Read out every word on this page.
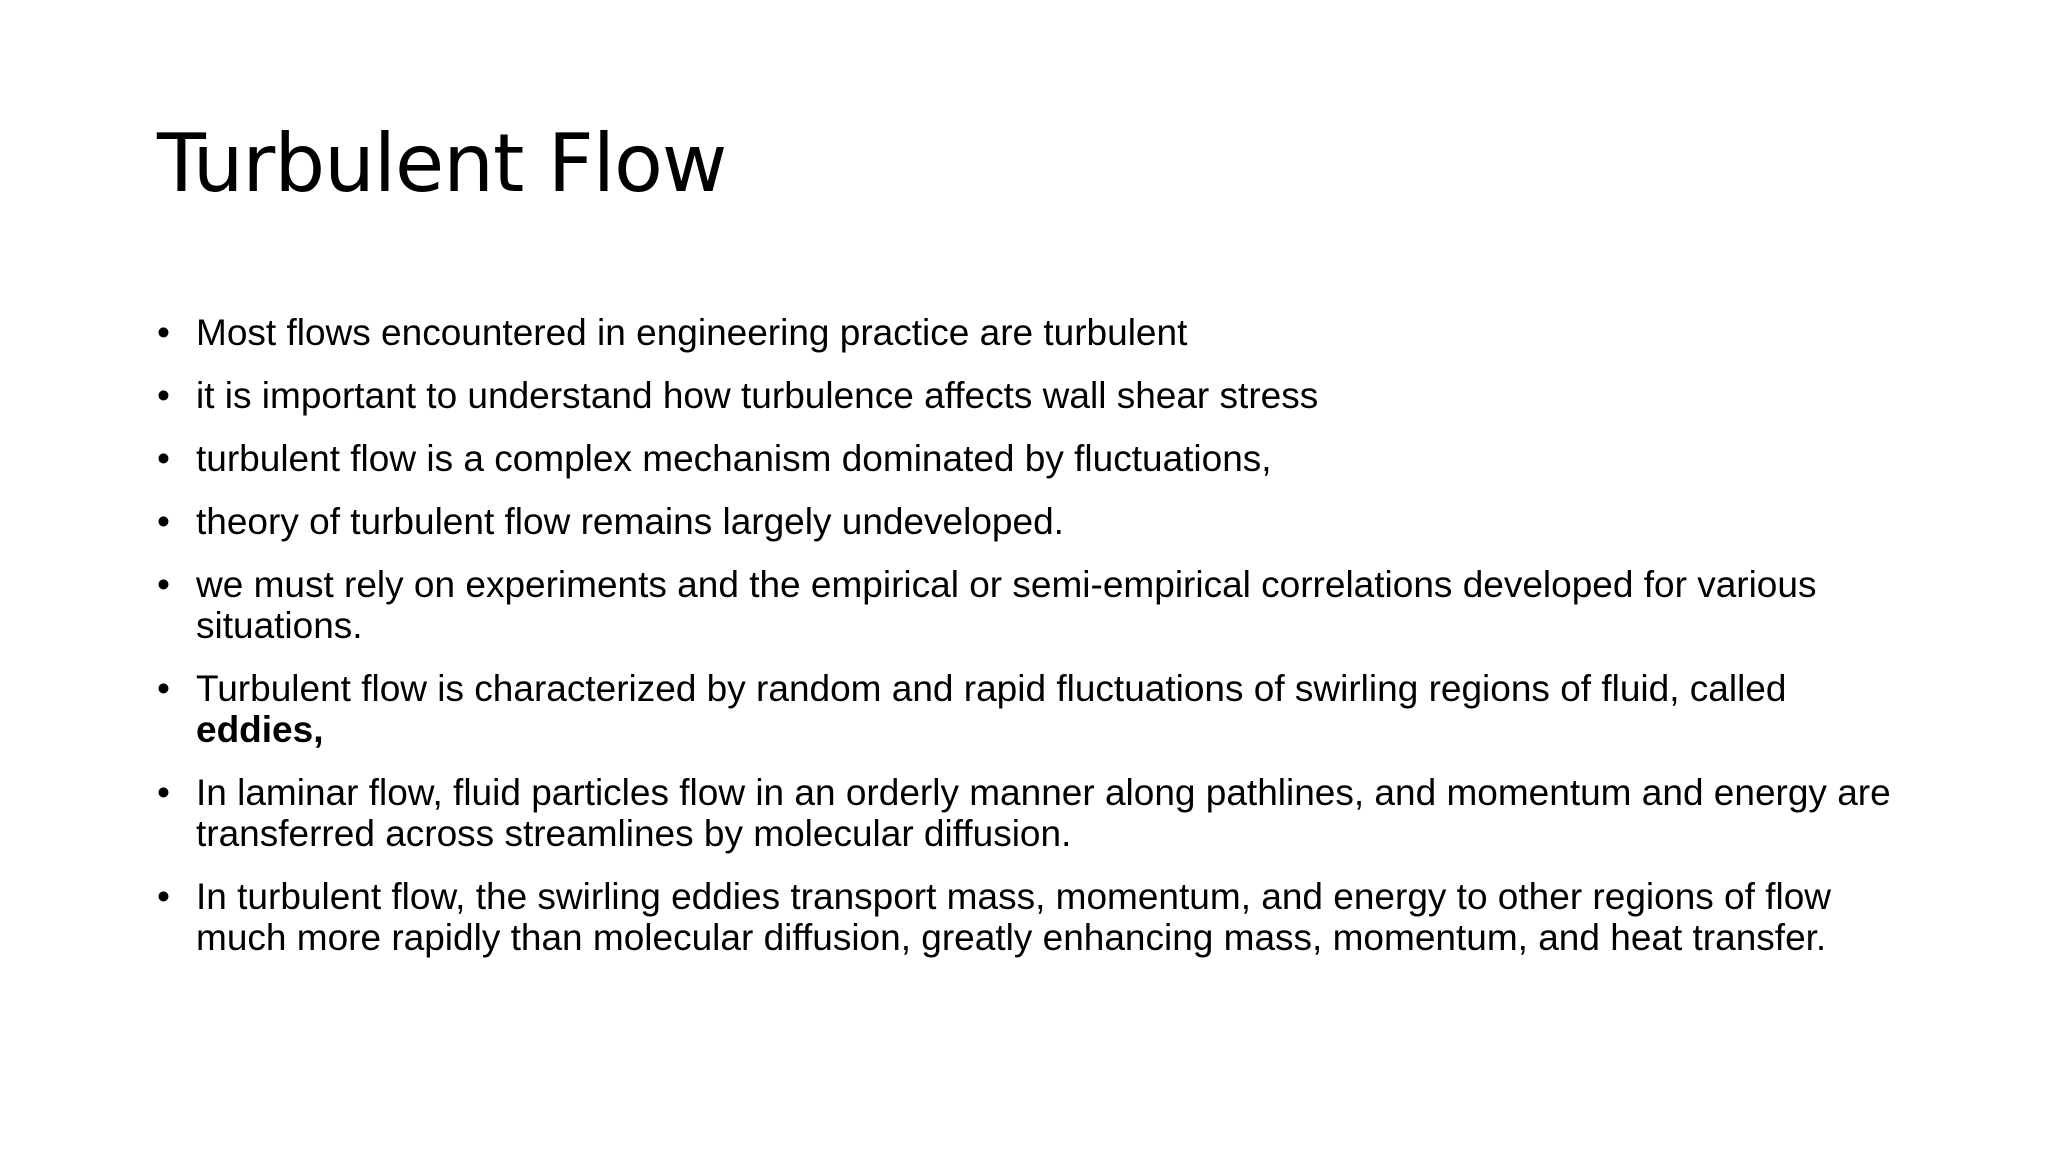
Turbulent Flow
• Most flows encountered in engineering practice are turbulent
• it is important to understand how turbulence affects wall shear stress
• turbulent flow is a complex mechanism dominated by fluctuations,
• theory of turbulent flow remains largely undeveloped.
• we must rely on experiments and the empirical or semi-empirical correlations developed for various situations.
• Turbulent flow is characterized by random and rapid fluctuations of swirling regions of fluid, called eddies,
• In laminar flow, fluid particles flow in an orderly manner along pathlines, and momentum and energy are transferred across streamlines by molecular diffusion.
• In turbulent flow, the swirling eddies transport mass, momentum, and energy to other regions of flow much more rapidly than molecular diffusion, greatly enhancing mass, momentum, and heat transfer.
